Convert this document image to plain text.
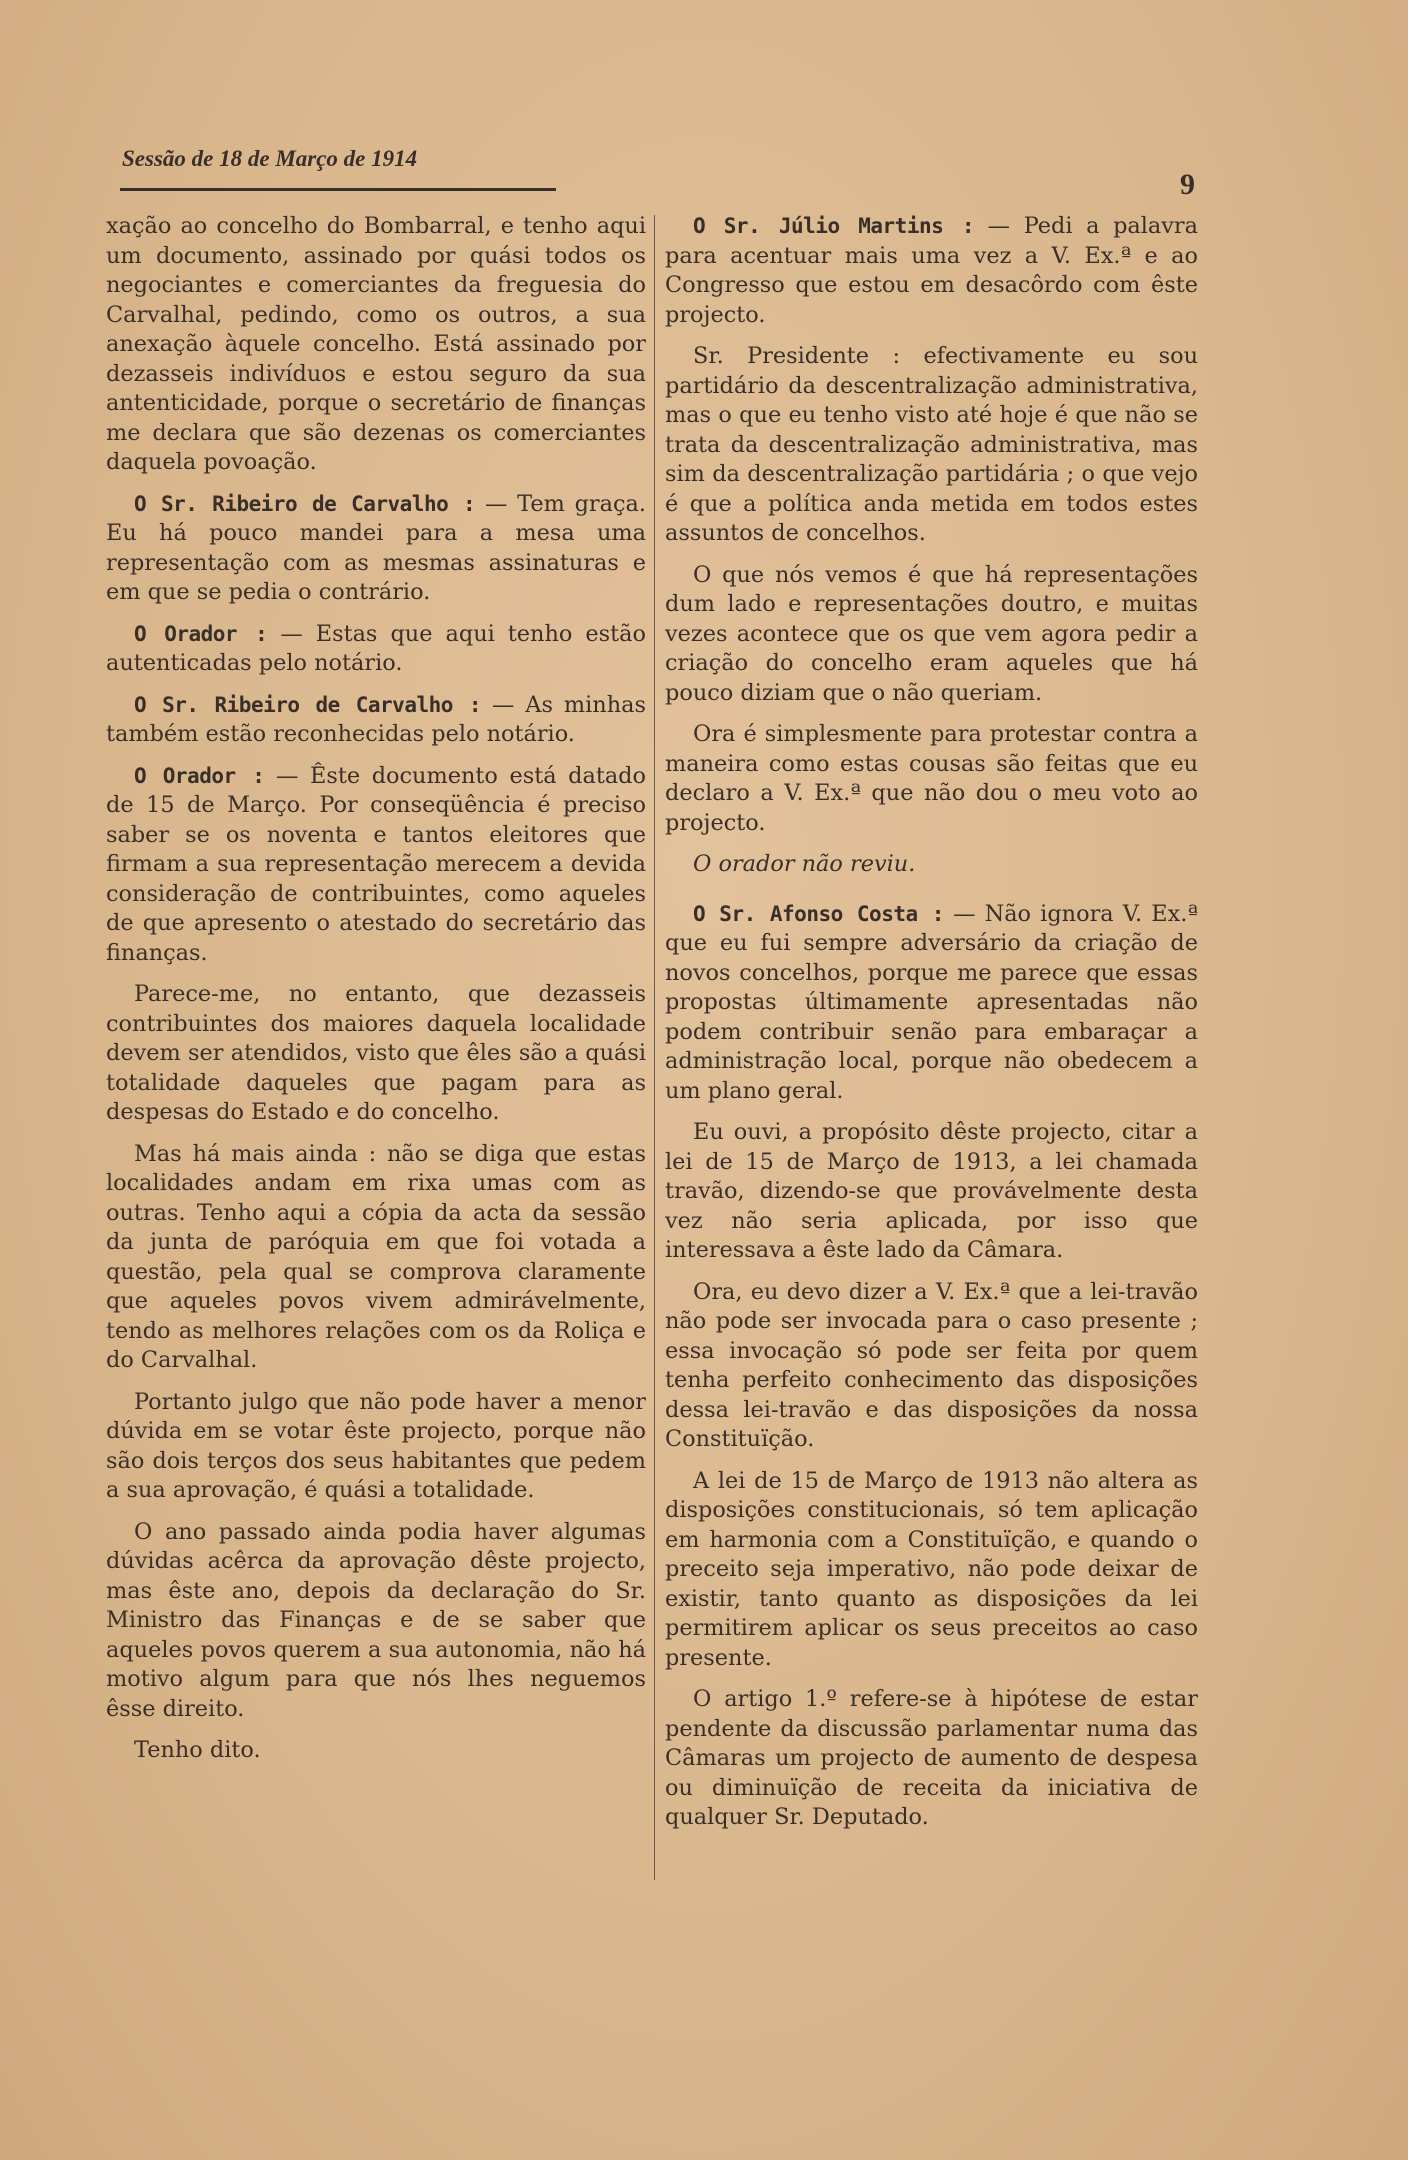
Sessão de 18 de Março de 1914
9

xação ao concelho do Bombarral, e tenho aqui um documento, assinado por quási todos os negociantes e comerciantes da freguesia do Carvalhal, pedindo, como os outros, a sua anexação àquele concelho. Está assinado por dezasseis indivíduos e estou seguro da sua antenticidade, porque o secretário de finanças me declara que são dezenas os comerciantes daquela povoação.

O Sr. Ribeiro de Carvalho : — Tem graça. Eu há pouco mandei para a mesa uma representação com as mesmas assinaturas e em que se pedia o contrário.

O Orador : — Estas que aqui tenho estão autenticadas pelo notário.

O Sr. Ribeiro de Carvalho : — As minhas também estão reconhecidas pelo notário.

O Orador : — Êste documento está datado de 15 de Março. Por conseqüência é preciso saber se os noventa e tantos eleitores que firmam a sua representação merecem a devida consideração de contribuintes, como aqueles de que apresento o atestado do secretário das finanças.

Parece-me, no entanto, que dezasseis contribuintes dos maiores daquela localidade devem ser atendidos, visto que êles são a quási totalidade daqueles que pagam para as despesas do Estado e do concelho.

Mas há mais ainda : não se diga que estas localidades andam em rixa umas com as outras. Tenho aqui a cópia da acta da sessão da junta de paróquia em que foi votada a questão, pela qual se comprova claramente que aqueles povos vivem admirávelmente, tendo as melhores relações com os da Roliça e do Carvalhal.

Portanto julgo que não pode haver a menor dúvida em se votar êste projecto, porque não são dois terços dos seus habitantes que pedem a sua aprovação, é quási a totalidade.

O ano passado ainda podia haver algumas dúvidas acêrca da aprovação dêste projecto, mas êste ano, depois da declaração do Sr. Ministro das Finanças e de se saber que aqueles povos querem a sua autonomia, não há motivo algum para que nós lhes neguemos êsse direito.

Tenho dito.

O Sr. Júlio Martins : — Pedi a palavra para acentuar mais uma vez a V. Ex.ª e ao Congresso que estou em desacôrdo com êste projecto.

Sr. Presidente : efectivamente eu sou partidário da descentralização administrativa, mas o que eu tenho visto até hoje é que não se trata da descentralização administrativa, mas sim da descentralização partidária ; o que vejo é que a política anda metida em todos estes assuntos de concelhos.

O que nós vemos é que há representações dum lado e representações doutro, e muitas vezes acontece que os que vem agora pedir a criação do concelho eram aqueles que há pouco diziam que o não queriam.

Ora é simplesmente para protestar contra a maneira como estas cousas são feitas que eu declaro a V. Ex.ª que não dou o meu voto ao projecto.

O orador não reviu.

O Sr. Afonso Costa : — Não ignora V. Ex.ª que eu fui sempre adversário da criação de novos concelhos, porque me parece que essas propostas últimamente apresentadas não podem contribuir senão para embaraçar a administração local, porque não obedecem a um plano geral.

Eu ouvi, a propósito dêste projecto, citar a lei de 15 de Março de 1913, a lei chamada travão, dizendo-se que provávelmente desta vez não seria aplicada, por isso que interessava a êste lado da Câmara.

Ora, eu devo dizer a V. Ex.ª que a lei-travão não pode ser invocada para o caso presente ; essa invocação só pode ser feita por quem tenha perfeito conhecimento das disposições dessa lei-travão e das disposições da nossa Constituïção.

A lei de 15 de Março de 1913 não altera as disposições constitucionais, só tem aplicação em harmonia com a Constituïção, e quando o preceito seja imperativo, não pode deixar de existir, tanto quanto as disposições da lei permitirem aplicar os seus preceitos ao caso presente.

O artigo 1.º refere-se à hipótese de estar pendente da discussão parlamentar numa das Câmaras um projecto de aumento de despesa ou diminuïção de receita da iniciativa de qualquer Sr. Deputado.
